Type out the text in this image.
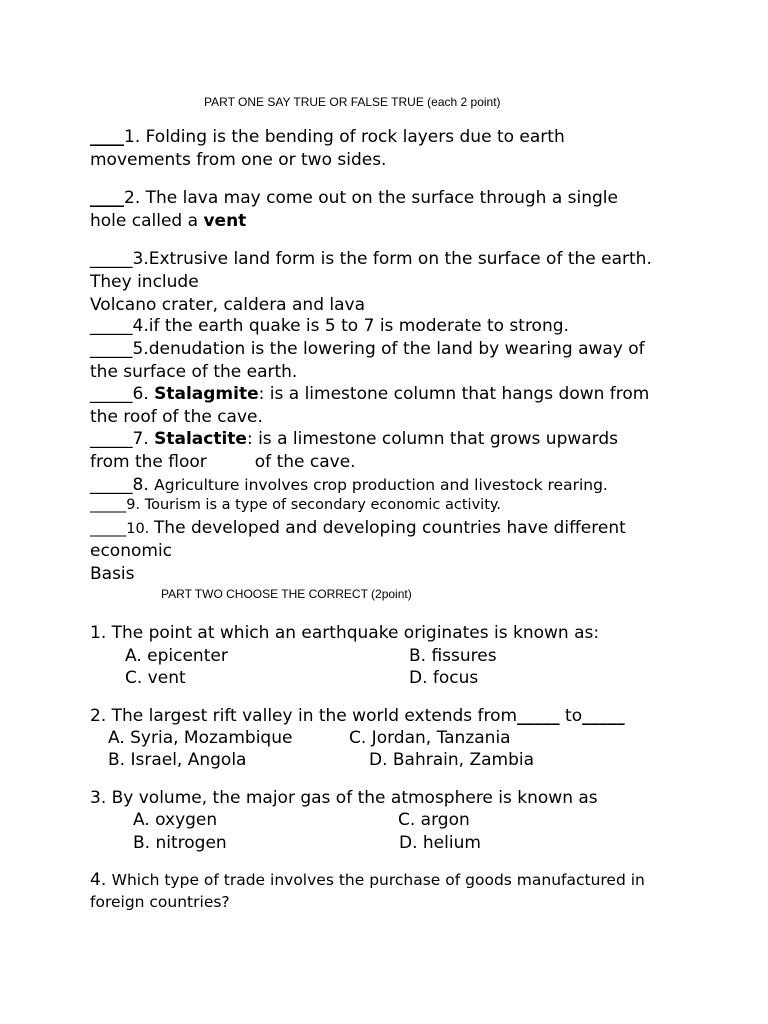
PART ONE SAY TRUE OR FALSE TRUE (each 2 point)
____1. Folding is the bending of rock layers due to earth
movements from one or two sides.
____2. The lava may come out on the surface through a single
hole called a vent
_____3.Extrusive land form is the form on the surface of the earth.
They include
Volcano crater, caldera and lava
_____4.if the earth quake is 5 to 7 is moderate to strong.
_____5.denudation is the lowering of the land by wearing away of
the surface of the earth.
_____6. Stalagmite: is a limestone column that hangs down from
the roof of the cave.
_____7. Stalactite: is a limestone column that grows upwards
from the floor	of the cave.
_____8. Agriculture involves crop production and livestock rearing.
_____9. Tourism is a type of secondary economic activity.
_____10. The developed and developing countries have different
economic
Basis
PART TWO CHOOSE THE CORRECT (2point)
1. The point at which an earthquake originates is known as:
A. epicenter	B. fissures
C. vent	D. focus
2. The largest rift valley in the world extends from_____ to_____
A. Syria, Mozambique	C. Jordan, Tanzania
B. Israel, Angola	D. Bahrain, Zambia
3. By volume, the major gas of the atmosphere is known as
A. oxygen	C. argon
B. nitrogen	D. helium
4. Which type of trade involves the purchase of goods manufactured in
foreign countries?
